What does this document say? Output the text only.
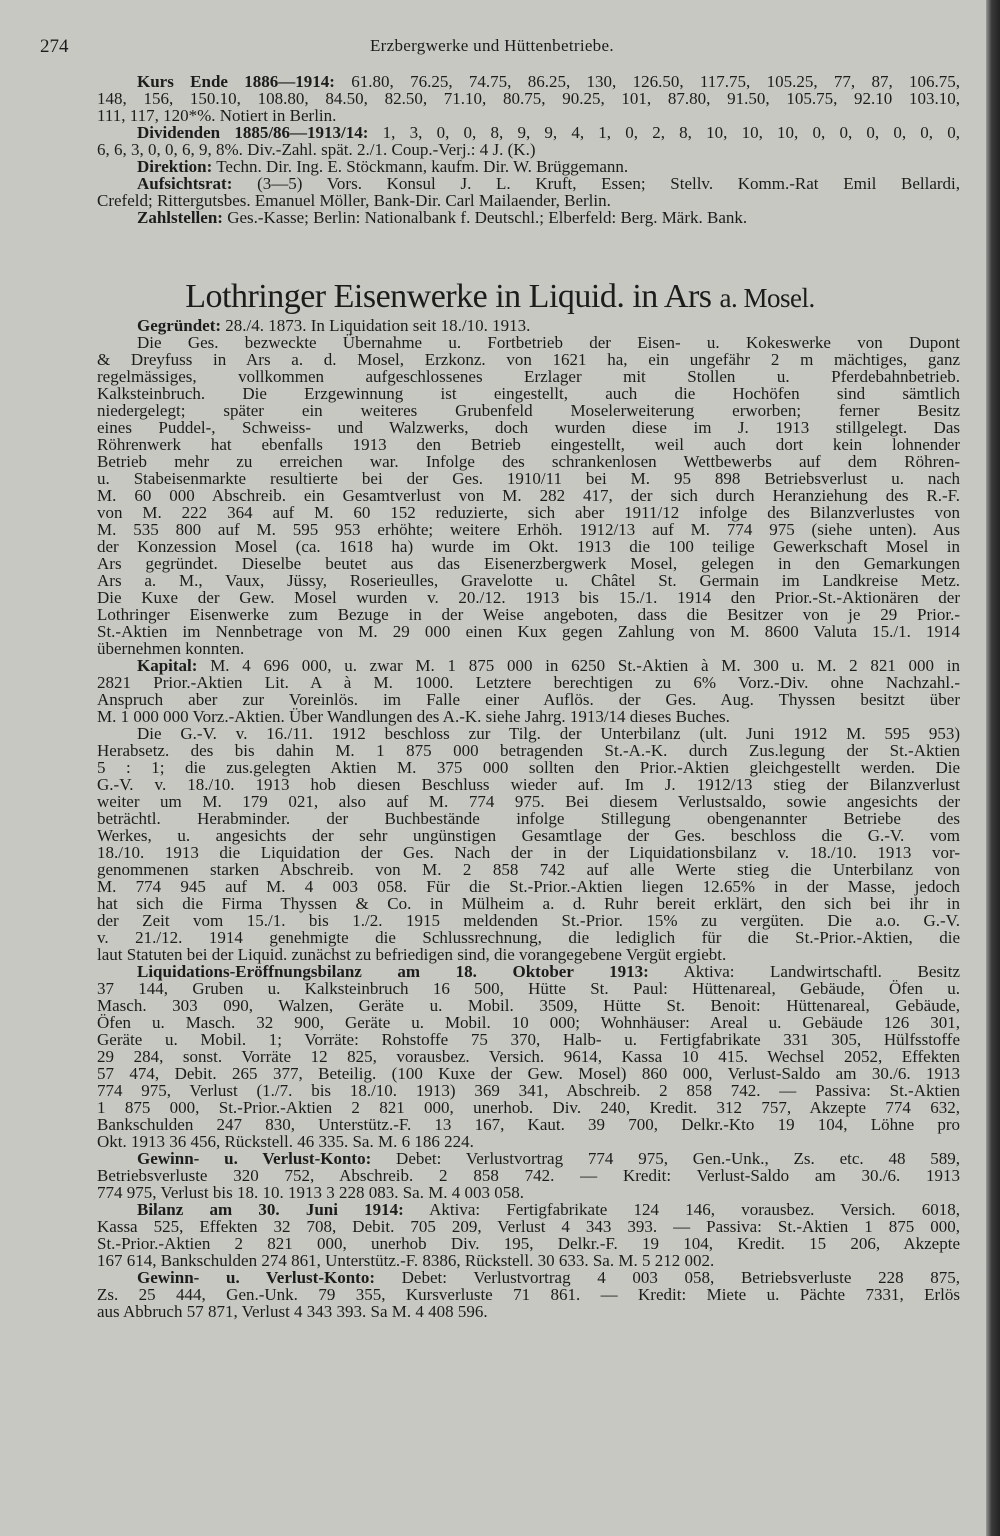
274	Erzbergwerke und Hüttenbetriebe.
Kurs Ende 1886—1914: 61.80, 76.25, 74.75, 86.25, 130, 126.50, 117.75, 105.25, 77, 87, 106.75,
148, 156, 150.10, 108.80, 84.50, 82.50, 71.10, 80.75, 90.25, 101, 87.80, 91.50, 105.75, 92.10 103.10,
111, 117, 120*%. Notiert in Berlin.
Dividenden 1885/86—1913/14: 1, 3, 0, 0, 8, 9, 9, 4, 1, 0, 2, 8, 10, 10, 10, 0, 0, 0, 0, 0, 0,
6, 6, 3, 0, 0, 6, 9, 8%. Div.-Zahl. spät. 2./1. Coup.-Verj.: 4 J. (K.)
Direktion: Techn. Dir. Ing. E. Stöckmann, kaufm. Dir. W. Brüggemann.
Aufsichtsrat: (3—5) Vors. Konsul J. L. Kruft, Essen; Stellv. Komm.-Rat Emil Bellardi,
Crefeld; Rittergutsbes. Emanuel Möller, Bank-Dir. Carl Mailaender, Berlin.
Zahlstellen: Ges.-Kasse; Berlin: Nationalbank f. Deutschl.; Elberfeld: Berg. Märk. Bank.
Lothringer Eisenwerke in Liquid. in Ars a. Mosel.
Gegründet: 28./4. 1873. In Liquidation seit 18./10. 1913.
Die Ges. bezweckte Übernahme u. Fortbetrieb der Eisen- u. Kokeswerke von Dupont
& Dreyfuss in Ars a. d. Mosel, Erzkonz. von 1621 ha, ein ungefähr 2 m mächtiges, ganz
regelmässiges, vollkommen aufgeschlossenes Erzlager mit Stollen u. Pferdebahnbetrieb.
Kalksteinbruch. Die Erzgewinnung ist eingestellt, auch die Hochöfen sind sämtlich
niedergelegt; später ein weiteres Grubenfeld Moselerweiterung erworben; ferner Besitz
eines Puddel-, Schweiss- und Walzwerks, doch wurden diese im J. 1913 stillgelegt. Das
Röhrenwerk hat ebenfalls 1913 den Betrieb eingestellt, weil auch dort kein lohnender
Betrieb mehr zu erreichen war. Infolge des schrankenlosen Wettbewerbs auf dem Röhren-
u. Stabeisenmarkte resultierte bei der Ges. 1910/11 bei M. 95 898 Betriebsverlust u. nach
M. 60 000 Abschreib. ein Gesamtverlust von M. 282 417, der sich durch Heranziehung des R.-F.
von M. 222 364 auf M. 60 152 reduzierte, sich aber 1911/12 infolge des Bilanzverlustes von
M. 535 800 auf M. 595 953 erhöhte; weitere Erhöh. 1912/13 auf M. 774 975 (siehe unten). Aus
der Konzession Mosel (ca. 1618 ha) wurde im Okt. 1913 die 100 teilige Gewerkschaft Mosel in
Ars gegründet. Dieselbe beutet aus das Eisenerzbergwerk Mosel, gelegen in den Gemarkungen
Ars a. M., Vaux, Jüssy, Roserieulles, Gravelotte u. Châtel St. Germain im Landkreise Metz.
Die Kuxe der Gew. Mosel wurden v. 20./12. 1913 bis 15./1. 1914 den Prior.-St.-Aktionären der
Lothringer Eisenwerke zum Bezuge in der Weise angeboten, dass die Besitzer von je 29 Prior.-
St.-Aktien im Nennbetrage von M. 29 000 einen Kux gegen Zahlung von M. 8600 Valuta 15./1. 1914
übernehmen konnten.
Kapital: M. 4 696 000, u. zwar M. 1 875 000 in 6250 St.-Aktien à M. 300 u. M. 2 821 000 in
2821 Prior.-Aktien Lit. A à M. 1000. Letztere berechtigen zu 6% Vorz.-Div. ohne Nachzahl.-
Anspruch aber zur Voreinlös. im Falle einer Auflös. der Ges. Aug. Thyssen besitzt über
M. 1 000 000 Vorz.-Aktien. Über Wandlungen des A.-K. siehe Jahrg. 1913/14 dieses Buches.
Die G.-V. v. 16./11. 1912 beschloss zur Tilg. der Unterbilanz (ult. Juni 1912 M. 595 953)
Herabsetz. des bis dahin M. 1 875 000 betragenden St.-A.-K. durch Zus.legung der St.-Aktien
5 : 1; die zus.gelegten Aktien M. 375 000 sollten den Prior.-Aktien gleichgestellt werden. Die
G.-V. v. 18./10. 1913 hob diesen Beschluss wieder auf. Im J. 1912/13 stieg der Bilanzverlust
weiter um M. 179 021, also auf M. 774 975. Bei diesem Verlustsaldo, sowie angesichts der
beträchtl. Herabminder. der Buchbestände infolge Stillegung obengenannter Betriebe des
Werkes, u. angesichts der sehr ungünstigen Gesamtlage der Ges. beschloss die G.-V. vom
18./10. 1913 die Liquidation der Ges. Nach der in der Liquidationsbilanz v. 18./10. 1913 vor-
genommenen starken Abschreib. von M. 2 858 742 auf alle Werte stieg die Unterbilanz von
M. 774 945 auf M. 4 003 058. Für die St.-Prior.-Aktien liegen 12.65% in der Masse, jedoch
hat sich die Firma Thyssen & Co. in Mülheim a. d. Ruhr bereit erklärt, den sich bei ihr in
der Zeit vom 15./1. bis 1./2. 1915 meldenden St.-Prior. 15% zu vergüten. Die a.o. G.-V.
v. 21./12. 1914 genehmigte die Schlussrechnung, die lediglich für die St.-Prior.-Aktien, die
laut Statuten bei der Liquid. zunächst zu befriedigen sind, die vorangegebene Vergüt ergiebt.
Liquidations-Eröffnungsbilanz am 18. Oktober 1913: Aktiva: Landwirtschaftl. Besitz
37 144, Gruben u. Kalksteinbruch 16 500, Hütte St. Paul: Hüttenareal, Gebäude, Öfen u.
Masch. 303 090, Walzen, Geräte u. Mobil. 3509, Hütte St. Benoit: Hüttenareal, Gebäude,
Öfen u. Masch. 32 900, Geräte u. Mobil. 10 000; Wohnhäuser: Areal u. Gebäude 126 301,
Geräte u. Mobil. 1; Vorräte: Rohstoffe 75 370, Halb- u. Fertigfabrikate 331 305, Hülfsstoffe
29 284, sonst. Vorräte 12 825, vorausbez. Versich. 9614, Kassa 10 415. Wechsel 2052, Effekten
57 474, Debit. 265 377, Beteilig. (100 Kuxe der Gew. Mosel) 860 000, Verlust-Saldo am 30./6. 1913
774 975, Verlust (1./7. bis 18./10. 1913) 369 341, Abschreib. 2 858 742. — Passiva: St.-Aktien
1 875 000, St.-Prior.-Aktien 2 821 000, unerhob. Div. 240, Kredit. 312 757, Akzepte 774 632,
Bankschulden 247 830, Unterstütz.-F. 13 167, Kaut. 39 700, Delkr.-Kto 19 104, Löhne pro
Okt. 1913 36 456, Rückstell. 46 335. Sa. M. 6 186 224.
Gewinn- u. Verlust-Konto: Debet: Verlustvortrag 774 975, Gen.-Unk., Zs. etc. 48 589,
Betriebsverluste 320 752, Abschreib. 2 858 742. — Kredit: Verlust-Saldo am 30./6. 1913
774 975, Verlust bis 18. 10. 1913 3 228 083. Sa. M. 4 003 058.
Bilanz am 30. Juni 1914: Aktiva: Fertigfabrikate 124 146, vorausbez. Versich. 6018,
Kassa 525, Effekten 32 708, Debit. 705 209, Verlust 4 343 393. — Passiva: St.-Aktien 1 875 000,
St.-Prior.-Aktien 2 821 000, unerhob Div. 195, Delkr.-F. 19 104, Kredit. 15 206, Akzepte
167 614, Bankschulden 274 861, Unterstütz.-F. 8386, Rückstell. 30 633. Sa. M. 5 212 002.
Gewinn- u. Verlust-Konto: Debet: Verlustvortrag 4 003 058, Betriebsverluste 228 875,
Zs. 25 444, Gen.-Unk. 79 355, Kursverluste 71 861. — Kredit: Miete u. Pächte 7331, Erlös
aus Abbruch 57 871, Verlust 4 343 393. Sa M. 4 408 596.
